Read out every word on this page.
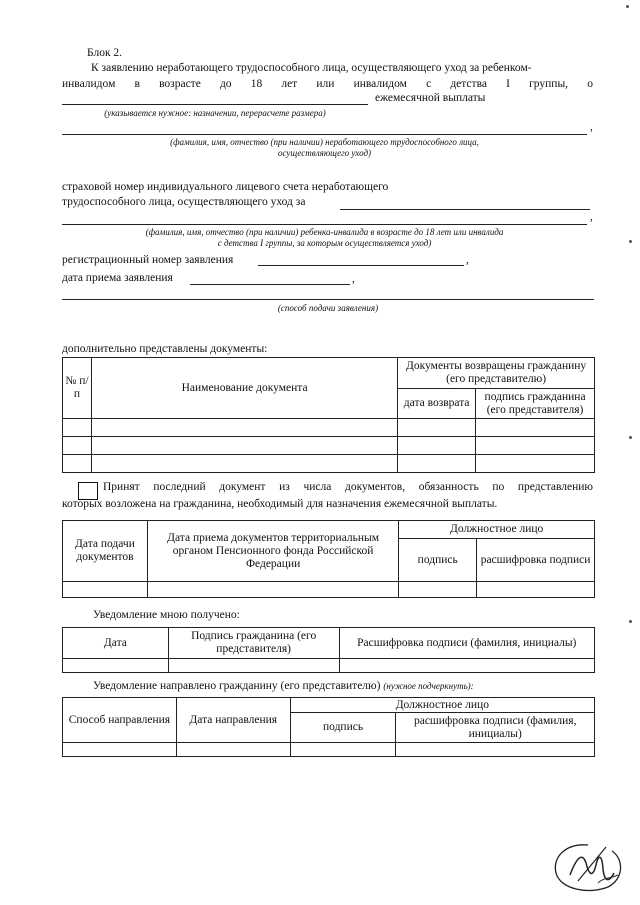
Блок 2.
К заявлению неработающего трудоспособного лица, осуществляющего уход за ребенком-
инвалидом в возрасте до 18 лет или инвалидом с детства I группы, о
ежемесячной выплаты
(указывается нужное: назначении, перерасчете размера)
,
(фамилия, имя, отчество (при наличии) неработающего трудоспособного лица,
осуществляющего уход)
страховой номер индивидуального лицевого счета неработающего
трудоспособного лица, осуществляющего уход за
,
(фамилия, имя, отчество (при наличии) ребенка-инвалида в возрасте до 18 лет или инвалида
с детства I группы, за которым осуществляется уход)
регистрационный номер заявления	,
дата приема заявления	,
(способ подачи заявления)
дополнительно представлены документы:
№ п/п	Наименование документа	Документы возвращены гражданину (его представителю)	
		дата возврата	подпись гражданина (его представителя)

Принят последний документ из числа документов, обязанность по представлению
которых возложена на гражданина, необходимый для назначения ежемесячной выплаты.
Дата подачи документов	Дата приема документов территориальным органом Пенсионного фонда Российской Федерации	Должностное лицо	
		подпись	расшифровка подписи

Уведомление мною получено:
Дата	Подпись гражданина (его представителя)	Расшифровка подписи (фамилия, инициалы)

Уведомление направлено гражданину (его представителю) (нужное подчеркнуть):
Способ направления	Дата направления	Должностное лицо	
		подпись	расшифровка подписи (фамилия, инициалы)
